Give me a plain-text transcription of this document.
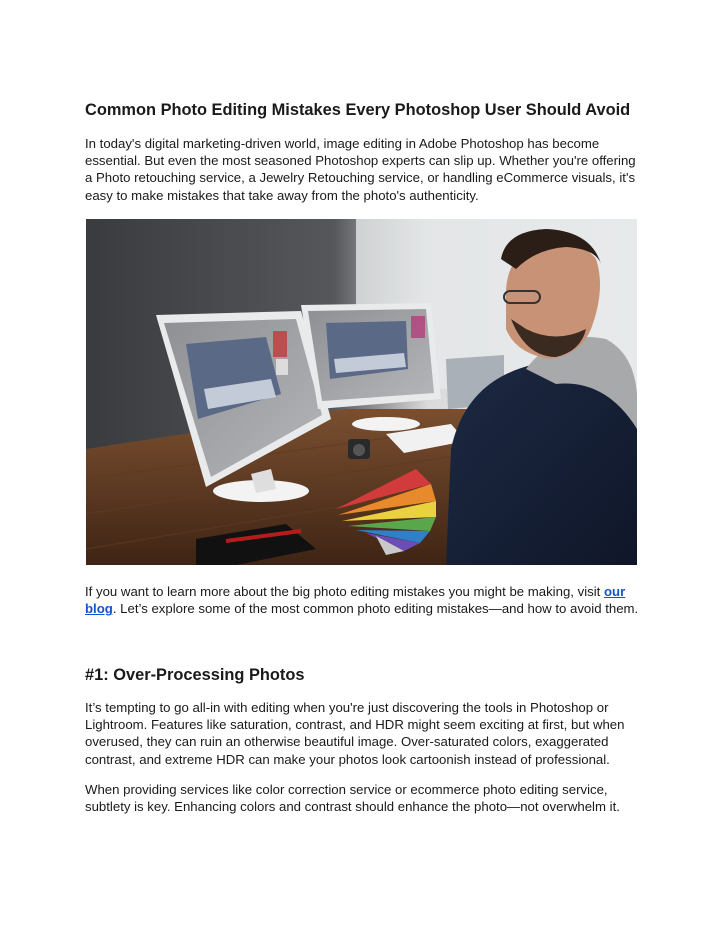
Common Photo Editing Mistakes Every Photoshop User Should Avoid

In today's digital marketing-driven world, image editing in Adobe Photoshop has become essential. But even the most seasoned Photoshop experts can slip up. Whether you're offering a Photo retouching service, a Jewelry Retouching service, or handling eCommerce visuals, it's easy to make mistakes that take away from the photo's authenticity.

If you want to learn more about the big photo editing mistakes you might be making, visit our blog. Let’s explore some of the most common photo editing mistakes—and how to avoid them.

#1: Over-Processing Photos

It’s tempting to go all-in with editing when you're just discovering the tools in Photoshop or Lightroom. Features like saturation, contrast, and HDR might seem exciting at first, but when overused, they can ruin an otherwise beautiful image. Over-saturated colors, exaggerated contrast, and extreme HDR can make your photos look cartoonish instead of professional.

When providing services like color correction service or ecommerce photo editing service, subtlety is key. Enhancing colors and contrast should enhance the photo—not overwhelm it.
